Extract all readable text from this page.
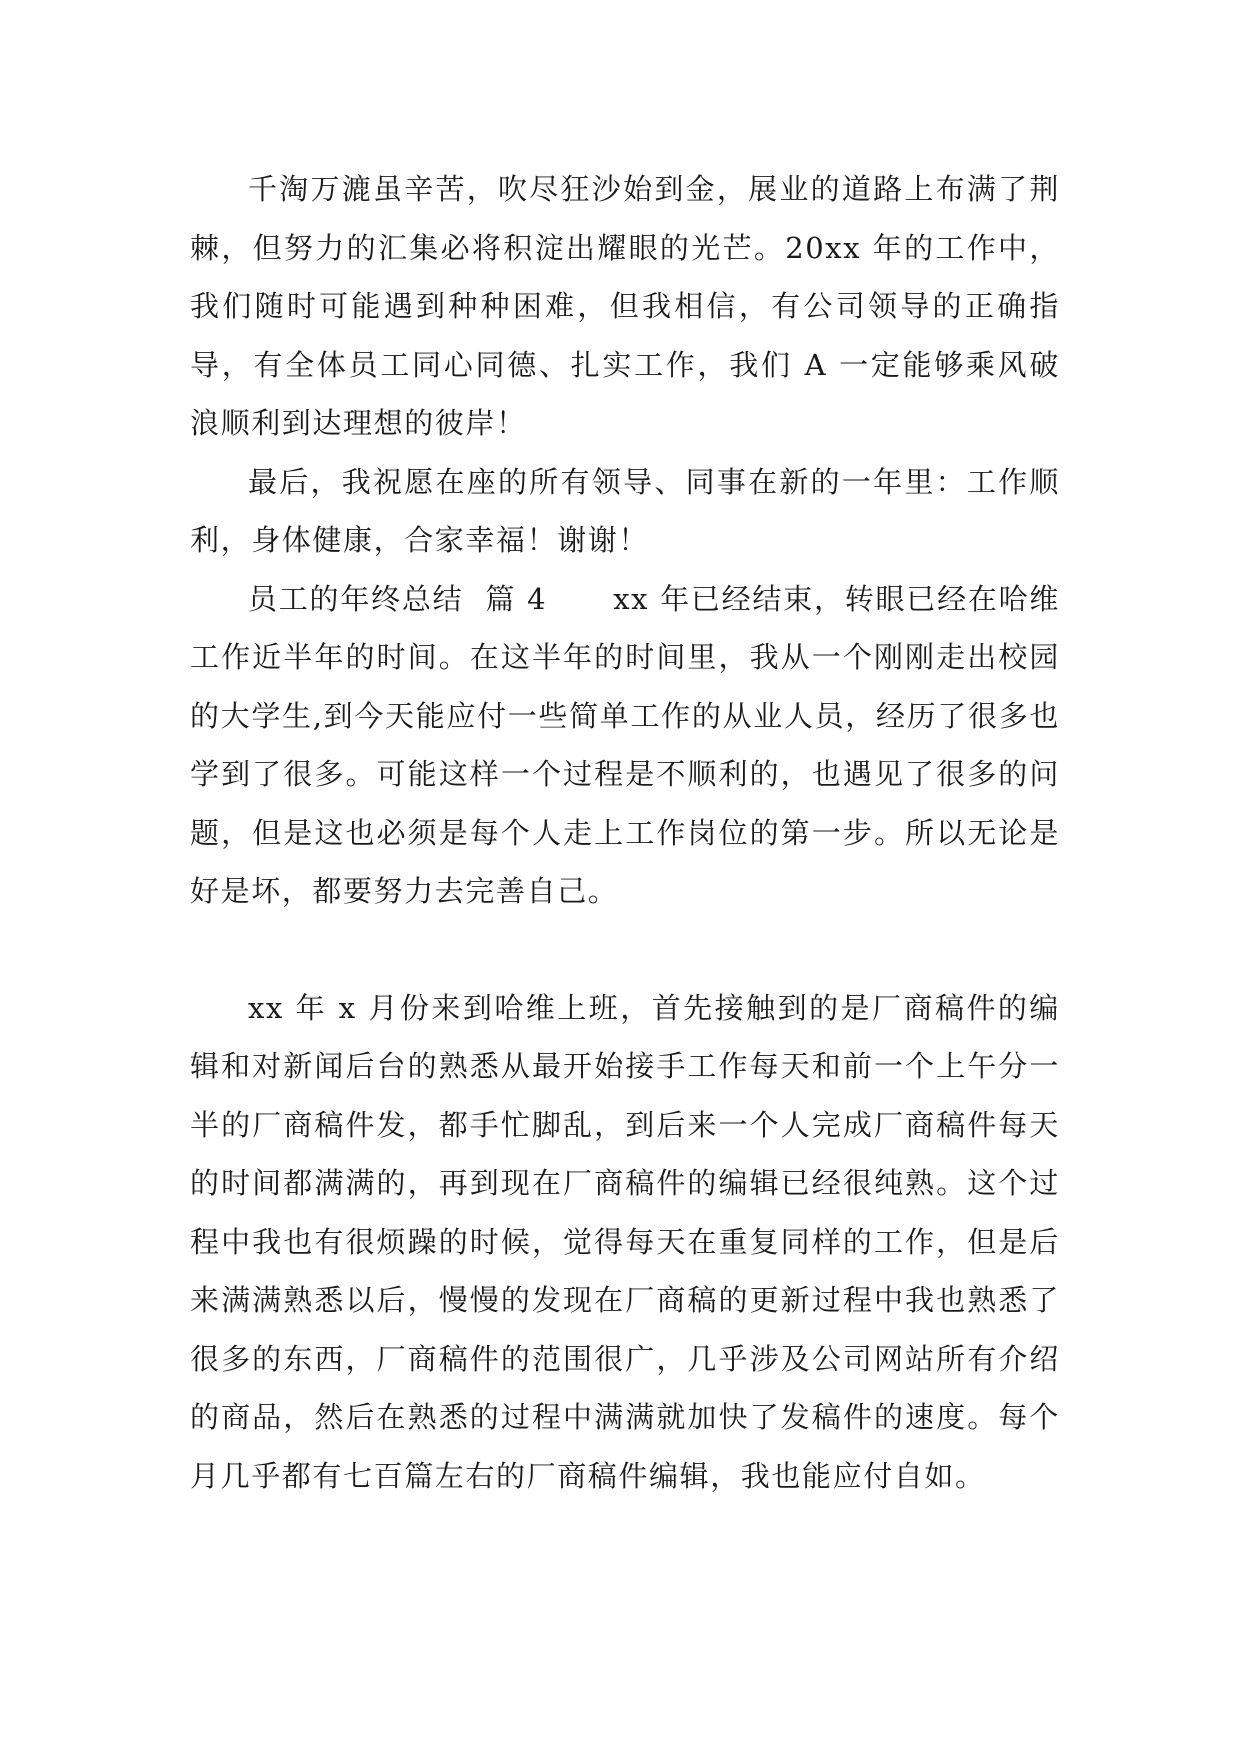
千淘万漉虽辛苦，吹尽狂沙始到金，展业的道路上布满了荆棘，但努力的汇集必将积淀出耀眼的光芒。20xx 年的工作中，我们随时可能遇到种种困难，但我相信，有公司领导的正确指导，有全体员工同心同德、扎实工作，我们 A 一定能够乘风破浪顺利到达理想的彼岸！

最后，我祝愿在座的所有领导、同事在新的一年里：工作顺利，身体健康，合家幸福！谢谢！

员工的年终总结  篇 4      xx 年已经结束，转眼已经在哈维工作近半年的时间。在这半年的时间里，我从一个刚刚走出校园的大学生,到今天能应付一些简单工作的从业人员，经历了很多也学到了很多。可能这样一个过程是不顺利的，也遇见了很多的问题，但是这也必须是每个人走上工作岗位的第一步。所以无论是好是坏，都要努力去完善自己。

xx 年 x 月份来到哈维上班，首先接触到的是厂商稿件的编辑和对新闻后台的熟悉从最开始接手工作每天和前一个上午分一半的厂商稿件发，都手忙脚乱，到后来一个人完成厂商稿件每天的时间都满满的，再到现在厂商稿件的编辑已经很纯熟。这个过程中我也有很烦躁的时候，觉得每天在重复同样的工作，但是后来满满熟悉以后，慢慢的发现在厂商稿的更新过程中我也熟悉了很多的东西，厂商稿件的范围很广，几乎涉及公司网站所有介绍的商品，然后在熟悉的过程中满满就加快了发稿件的速度。每个月几乎都有七百篇左右的厂商稿件编辑，我也能应付自如。
